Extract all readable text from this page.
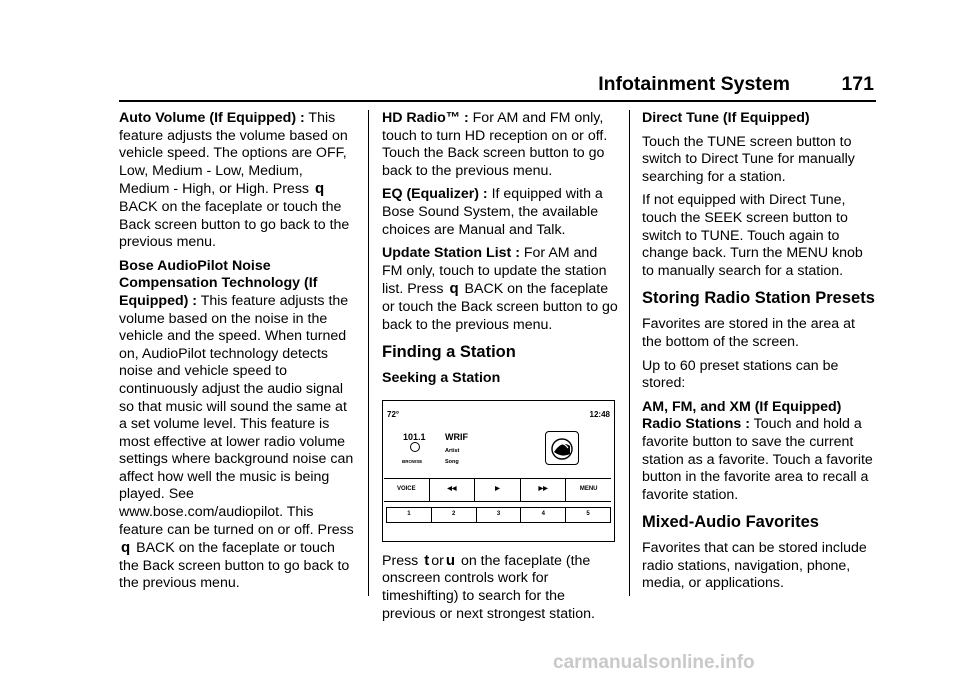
Infotainment System	171

Auto Volume (If Equipped) : This feature adjusts the volume based on vehicle speed. The options are OFF, Low, Medium - Low, Medium, Medium - High, or High. Press q BACK on the faceplate or touch the Back screen button to go back to the previous menu.

Bose AudioPilot Noise Compensation Technology (If Equipped) : This feature adjusts the volume based on the noise in the vehicle and the speed. When turned on, AudioPilot technology detects noise and vehicle speed to continuously adjust the audio signal so that music will sound the same at a set volume level. This feature is most effective at lower radio volume settings where background noise can affect how well the music is being played. See www.bose.com/audiopilot. This feature can be turned on or off. Press q BACK on the faceplate or touch the Back screen button to go back to the previous menu.

HD Radio™ : For AM and FM only, touch to turn HD reception on or off. Touch the Back screen button to go back to the previous menu.

EQ (Equalizer) : If equipped with a Bose Sound System, the available choices are Manual and Talk.

Update Station List : For AM and FM only, touch to update the station list. Press q BACK on the faceplate or touch the Back screen button to go back to the previous menu.

Finding a Station
Seeking a Station
72°	12:48
101.1
BROWSE
WRIF
Artist
Song
VOICE	◀◀	▶	▶▶	MENU
1	2	3	4	5

Press t or u on the faceplate (the onscreen controls work for timeshifting) to search for the previous or next strongest station.

Direct Tune (If Equipped)

Touch the TUNE screen button to switch to Direct Tune for manually searching for a station.

If not equipped with Direct Tune, touch the SEEK screen button to switch to TUNE. Touch again to change back. Turn the MENU knob to manually search for a station.

Storing Radio Station Presets

Favorites are stored in the area at the bottom of the screen.

Up to 60 preset stations can be stored:

AM, FM, and XM (If Equipped) Radio Stations : Touch and hold a favorite button to save the current station as a favorite. Touch a favorite button in the favorite area to recall a favorite station.

Mixed-Audio Favorites

Favorites that can be stored include radio stations, navigation, phone, media, or applications.

carmanualsonline.info
